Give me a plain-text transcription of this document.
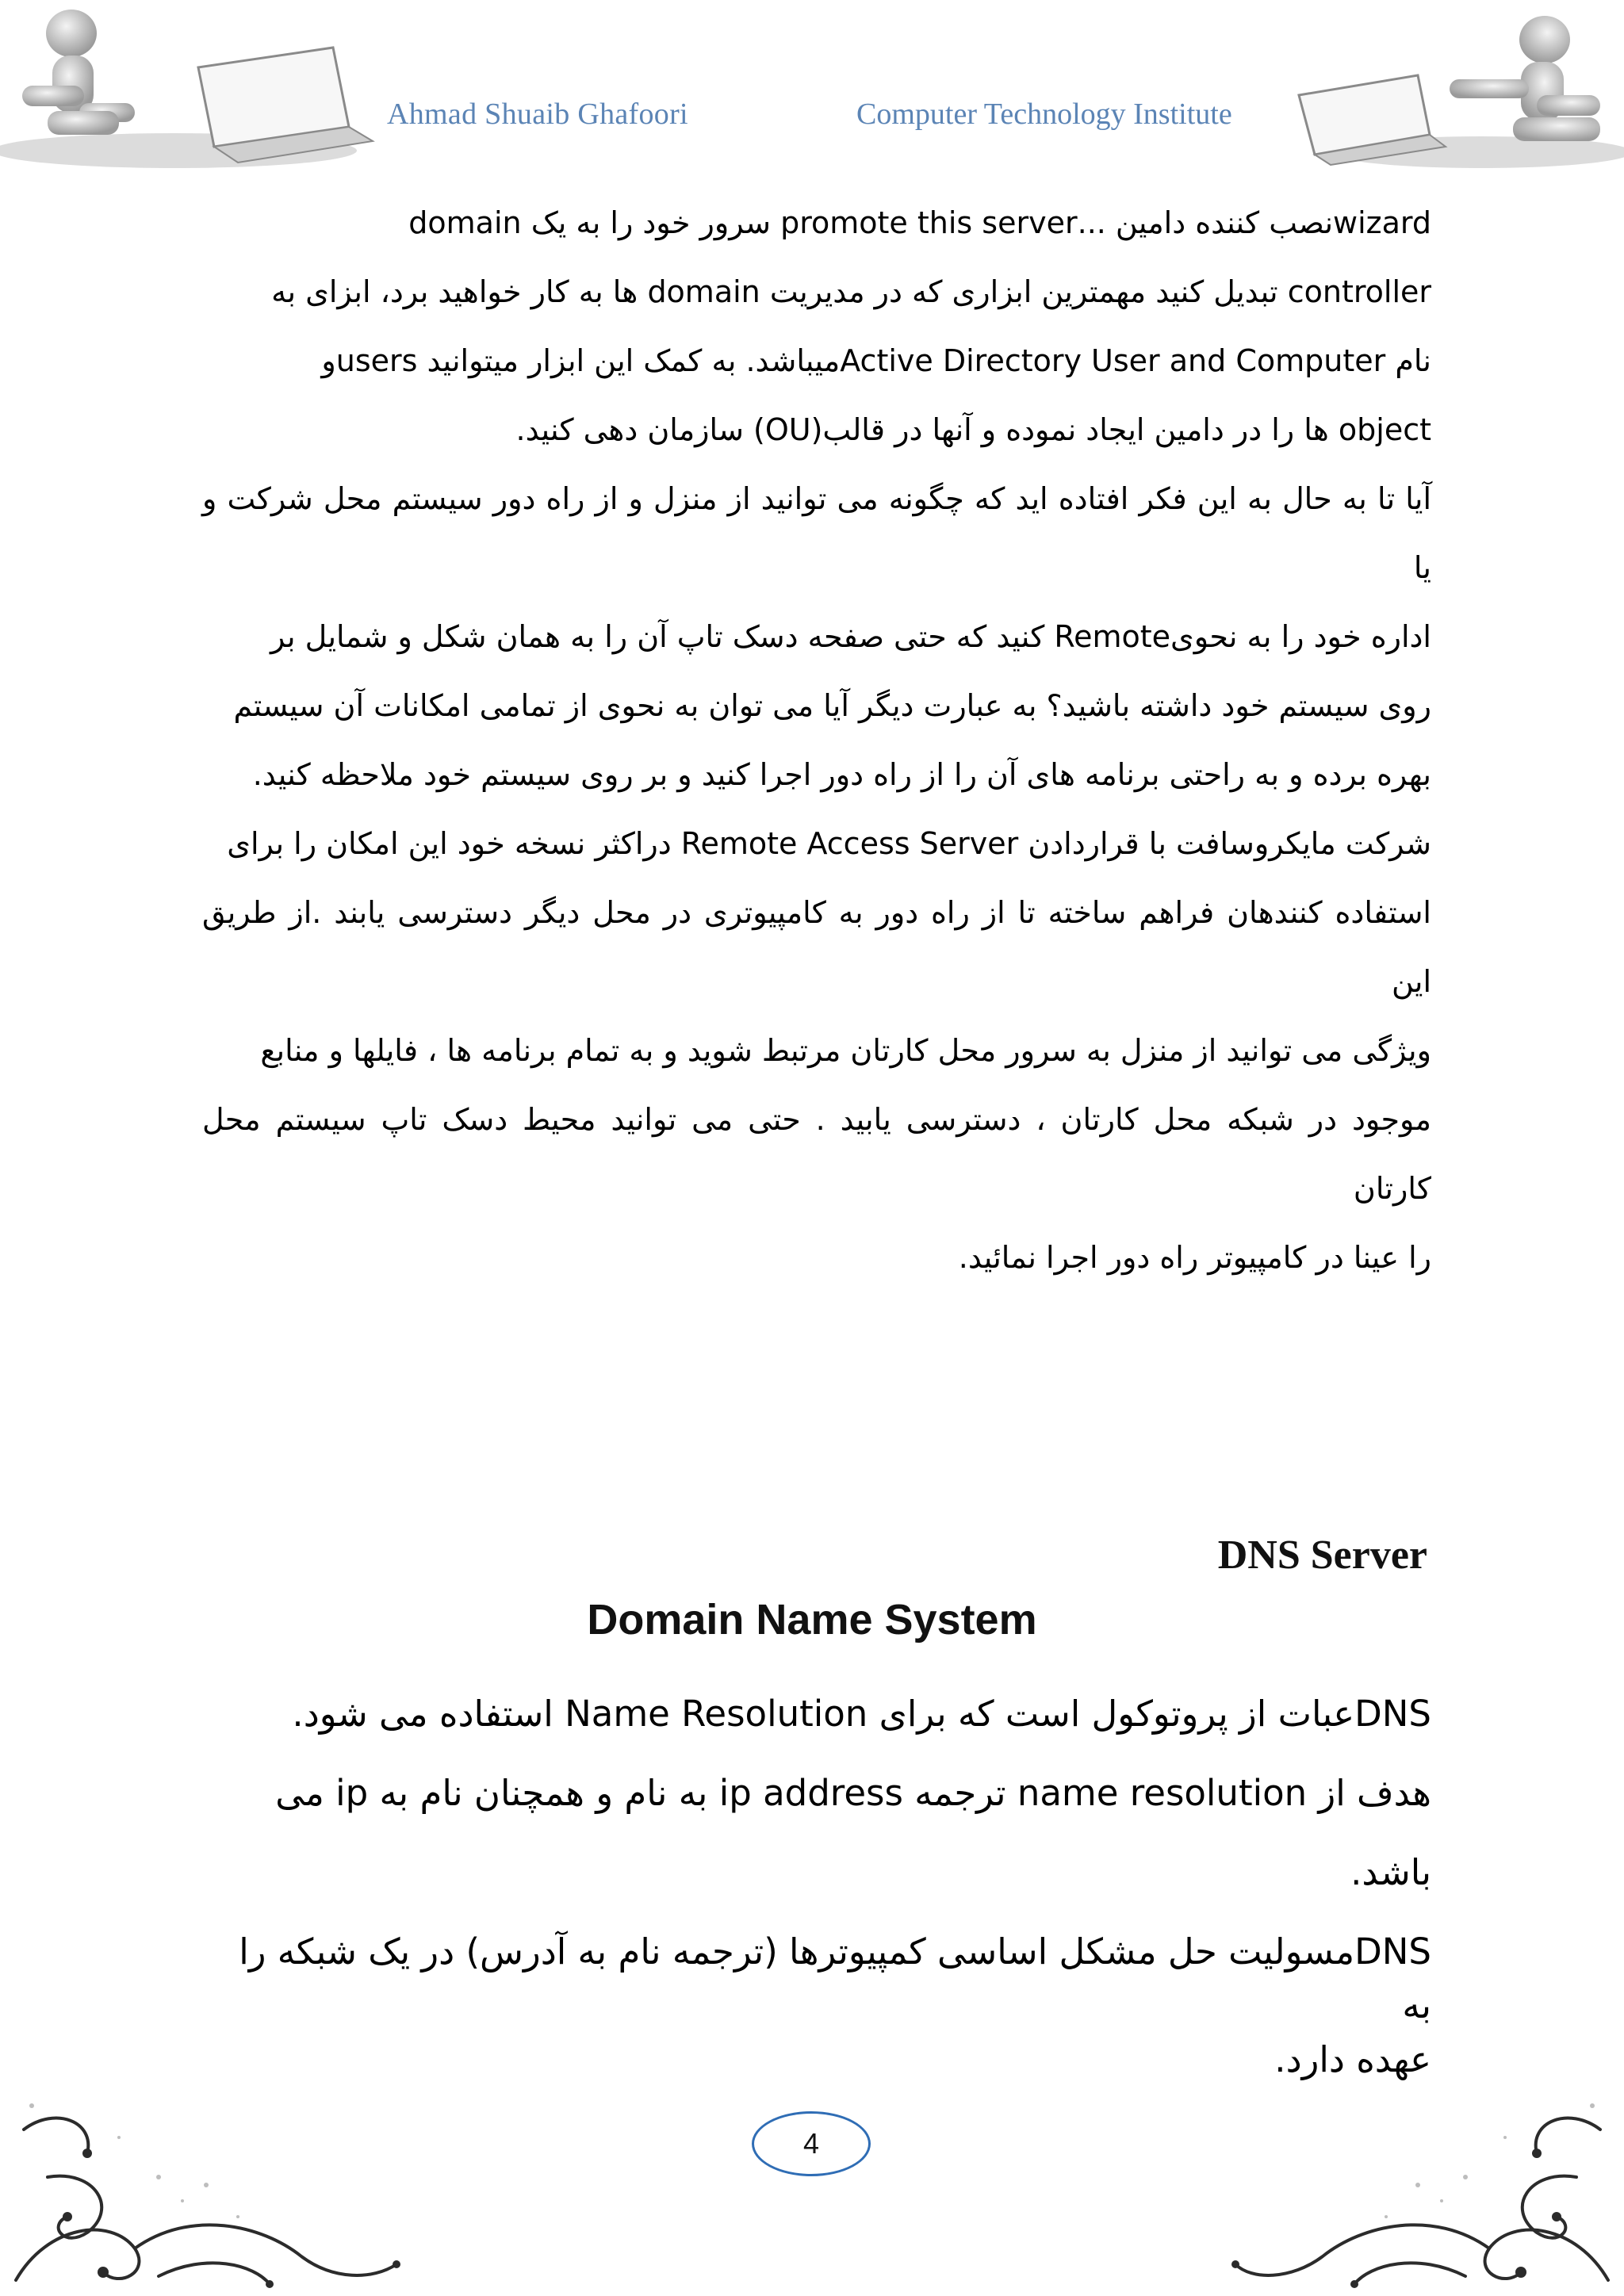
Ahmad Shuaib Ghafoori	Computer Technology Institute

wizardنصب کننده دامین ...promote this server سرور خود را به یک domain

controller تبدیل کنید مهمترین ابزاری که در مدیریت domain ها به کار خواهید برد، ابزای به

نام Active Directory User and Computerمیباشد. به کمک این ابزار میتوانید usersو

object ها را در دامین ایجاد نموده و آنها در قالب(OU) سازمان دهی کنید.

آیا تا به حال به این فکر افتاده اید که چگونه می توانید از منزل و از راه دور سیستم محل شرکت و یا

اداره خود را به نحویRemote کنید که حتی صفحه دسک تاپ آن را به همان شکل و شمایل بر

روی سیستم خود داشته باشید؟ به عبارت دیگر آیا می توان به نحوی از تمامی امکانات آن سیستم

بهره برده و به راحتی برنامه های آن را از راه دور اجرا کنید و بر روی سیستم خود ملاحظه کنید.

شرکت مایکروسافت با قراردادن Remote Access Server دراکثر نسخه خود این امکان را برای

استفاده کنندهان فراهم ساخته تا از راه دور به کامپیوتری در محل دیگر دسترسی یابند .از طریق این

ویژگی می توانید از منزل به سرور محل کارتان مرتبط شوید و به تمام برنامه ها ، فایلها و منابع

موجود در شبکه محل کارتان ، دسترسی یابید . حتی می توانید محیط دسک تاپ سیستم محل کارتان

را عینا در کامپیوتر راه دور اجرا نمائید.

DNS Server
Domain Name System

DNSعبات از پروتوکول است که برای Name Resolution استفاده می شود.

هدف از name resolution ترجمه ip address به نام و همچنان نام به ip می باشد.

DNSمسولیت حل مشکل اساسی کمپیوترها (ترجمه نام به آدرس) در یک شبکه را به

عهده دارد.

4
